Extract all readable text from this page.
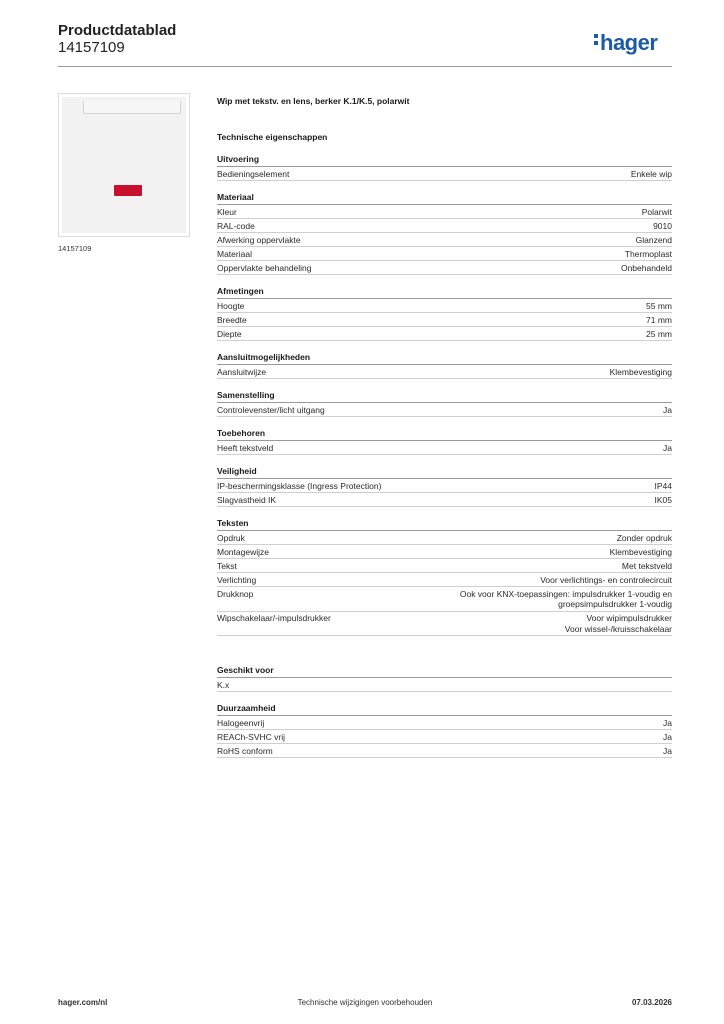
Productdatablad
14157109	hager
14157109
Wip met tekstv. en lens, berker K.1/K.5, polarwit
Technische eigenschappen
Uitvoering
Bedieningselement	Enkele wip
Materiaal
Kleur	Polarwit
RAL-code	9010
Afwerking oppervlakte	Glanzend
Materiaal	Thermoplast
Oppervlakte behandeling	Onbehandeld
Afmetingen
Hoogte	55 mm
Breedte	71 mm
Diepte	25 mm
Aansluitmogelijkheden
Aansluitwijze	Klembevestiging
Samenstelling
Controlevenster/licht uitgang	Ja
Toebehoren
Heeft tekstveld	Ja
Veiligheid
IP-beschermingsklasse (Ingress Protection)	IP44
Slagvastheid IK	IK05
Teksten
Opdruk	Zonder opdruk
Montagewijze	Klembevestiging
Tekst	Met tekstveld
Verlichting	Voor verlichtings- en controlecircuit
Drukknop	Ook voor KNX-toepassingen: impulsdrukker 1-voudig en
groepsimpulsdrukker 1-voudig
Wipschakelaar/-impulsdrukker	Voor wipimpulsdrukker
Voor wissel-/kruisschakelaar
Geschikt voor
K.x
Duurzaamheid
Halogeenvrij	Ja
REACh-SVHC vrij	Ja
RoHS conform	Ja
hager.com/nl	Technische wijzigingen voorbehouden	07.03.2026
